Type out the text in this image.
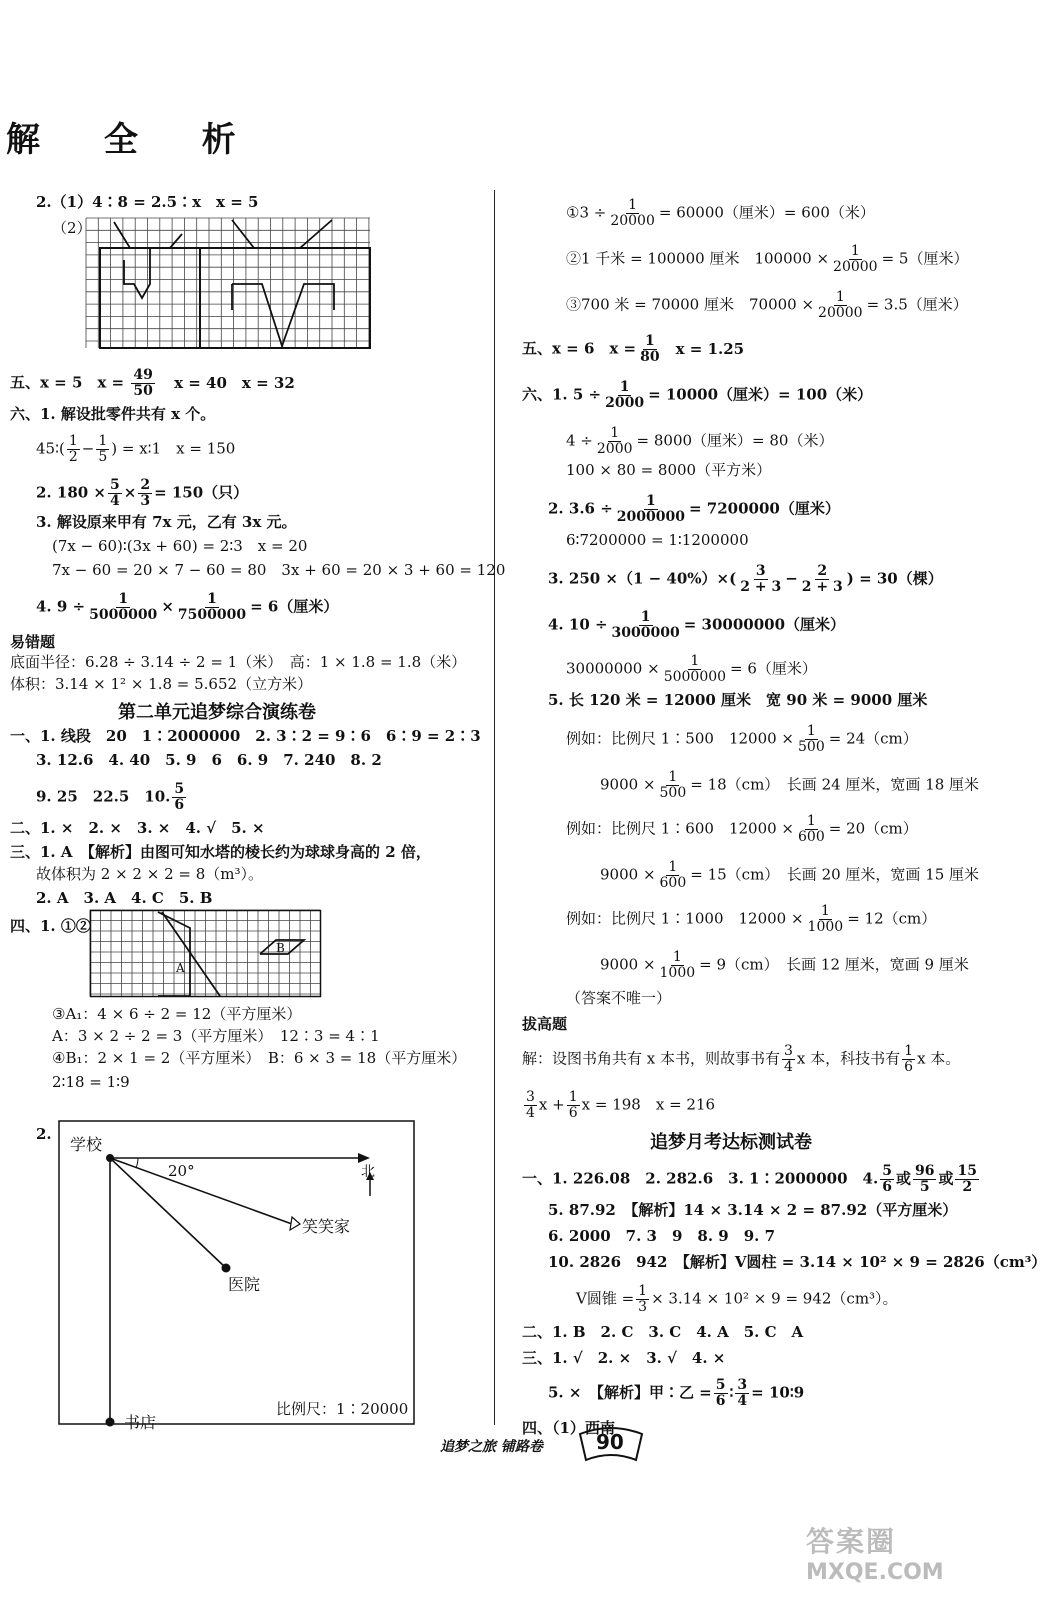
解 全 析
2.（1）4∶8 = 2.5∶x　x = 5
（2）
五、x = 5　$x = \frac{49}{50}$ x = 40　x = 32
六、1. 解设批零件共有 x 个。
45∶( $\frac{1}{2} - \frac{1}{5}$ ) = x∶1　x = 150
2. $180 \times \frac{5}{4} \times \frac{2}{3} = 150$（只）
3. 解设原来甲有 7x 元，乙有 3x 元。
(7x − 60)∶(3x + 60) = 2∶3　x = 20
7x − 60 = 20 × 7 − 60 = 80　3x + 60 = 20 × 3 + 60 = 120
4. $9 \div \frac{1}{5000000} \times \frac{1}{7500000} = 6$（厘米）
易错题
底面半径：6.28 ÷ 3.14 ÷ 2 = 1（米）　高：1 × 1.8 = 1.8（米）
体积：3.14 × 1² × 1.8 = 5.652（立方米）
第二单元追梦综合演练卷
一、1. 线段　20　1∶2000000　2. 3∶2 = 9∶6　6∶9 = 2∶3
3. 12.6　4. 40　5. 9　6　6. 9　7. 240　8. 2
9. 25　22.5　10. $\frac{5}{6}$
二、1. ×　2. ×　3. ×　4. √　5. ×
三、1. A　【解析】由图可知水塔的棱长约为球球身高的 2 倍，
故体积为 2 × 2 × 2 = 8（m³）。
2. A　3. A　4. C　5. B
四、1. ①②
A
B
③A₁：4 × 6 ÷ 2 = 12（平方厘米）
A：3 × 2 ÷ 2 = 3（平方厘米）　12∶3 = 4∶1
④B₁：2 × 1 = 2（平方厘米）　B：6 × 3 = 18（平方厘米）
2∶18 = 1∶9
2.
学校
20°	北
笑笑家
医院
书店
比例尺：1∶20000
①3 ÷ $\frac{1}{20000} = 60000$（厘米）= 600（米）
②1 千米 = 100000 厘米　$100000 \times \frac{1}{20000} = 5$（厘米）
③700 米 = 70000 厘米　$70000 \times \frac{1}{20000} = 3.5$（厘米）
五、x = 6　$x = \frac{1}{80}$ x = 1.25
六、1. $5 \div \frac{1}{2000} = 10000$（厘米）= 100（米）
$4 \div \frac{1}{2000} = 8000$（厘米）= 80（米）
100 × 80 = 8000（平方米）
2. $3.6 \div \frac{1}{2000000} = 7200000$（厘米）
6∶7200000 = 1∶1200000
3. $250 \times(1 - 40\%)\times( \frac{3}{2 + 3} - \frac{2}{2 + 3}$ ) = 30（棵）
4. $10 \div \frac{1}{3000000} = 30000000$（厘米）
$30000000 \times \frac{1}{5000000} = 6$（厘米）
5. 长 120 米 = 12000 厘米　宽 90 米 = 9000 厘米
例如：比例尺 1∶500　$12000 \times \frac{1}{500} = 24(cm)$
$9000 \times \frac{1}{500} = 18(cm)$　长画 24 厘米，宽画 18 厘米
例如：比例尺 1∶600　$12000 \times \frac{1}{600} = 20(cm)$
$9000 \times \frac{1}{600} = 15(cm)$　长画 20 厘米，宽画 15 厘米
例如：比例尺 1∶1000　$12000 \times \frac{1}{1000} = 12(cm)$
$9000 \times \frac{1}{1000} = 9(cm)$　长画 12 厘米，宽画 9 厘米
（答案不唯一）
拔高题
解：设图书角共有 x 本书，则故事书有 $\frac{3}{4}$ x 本，科技书有 $\frac{1}{6}$ x 本。
$\frac{3}{4}$ $x + \frac{1}{6}$ x = 198　x = 216
追梦月考达标测试卷
一、1. 226.08　2. 282.6　3. 1∶2000000　4. $\frac{5}{6}$ 或 $\frac{96}{5}$ 或 $\frac{15}{2}$
5. 87.92　【解析】14 × 3.14 × 2 = 87.92（平方厘米）
6. 2000　7. 3　9　8. 9　9. 7
10. 2826　942　【解析】V圆柱 = 3.14 × 10² × 9 = 2826（cm³）
V圆锥 = $\frac{1}{3} \times 3.14 \times 10^2 \times 9 = 942(cm^3)$。
二、1. B　2. C　3. C　4. A　5. C　A
三、1. √　2. ×　3. √　4. ×
5. ×　【解析】甲∶乙 = $\frac{5}{6}$ ∶ $\frac{3}{4}$ = 10∶9
四、（1）西南
追梦之旅 铺路卷	90
答案圈
MXQE.COM
